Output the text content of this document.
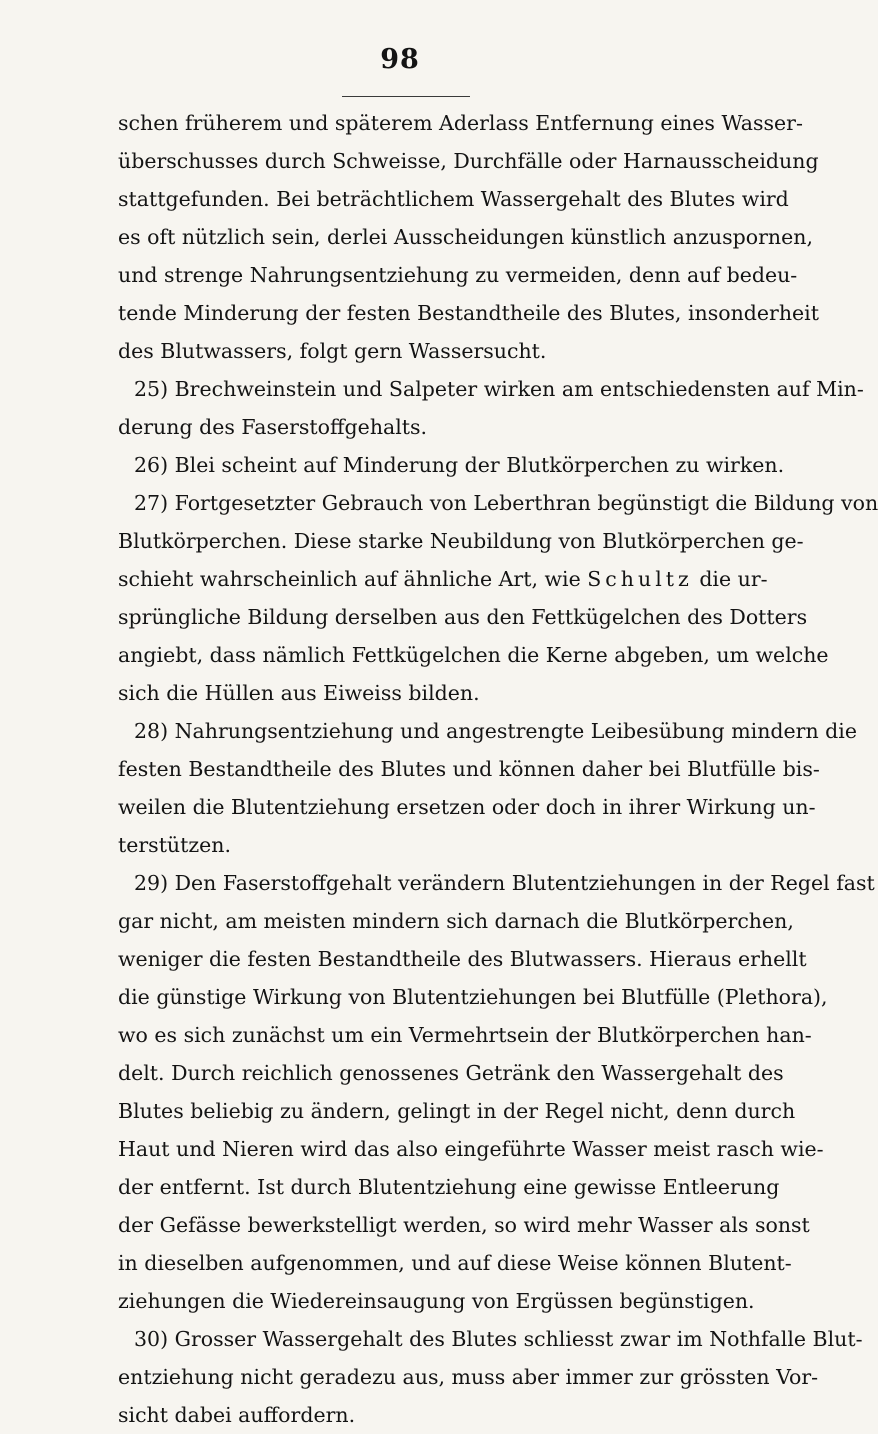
98
schen früherem und späterem Aderlass Entfernung eines Wasser-
überschusses durch Schweisse, Durchfälle oder Harnausscheidung
stattgefunden. Bei beträchtlichem Wassergehalt des Blutes wird
es oft nützlich sein, derlei Ausscheidungen künstlich anzuspornen,
und strenge Nahrungsentziehung zu vermeiden, denn auf bedeu-
tende Minderung der festen Bestandtheile des Blutes, insonderheit
des Blutwassers, folgt gern Wassersucht.
25) Brechweinstein und Salpeter wirken am entschiedensten auf Min-
derung des Faserstoffgehalts.
26) Blei scheint auf Minderung der Blutkörperchen zu wirken.
27) Fortgesetzter Gebrauch von Leberthran begünstigt die Bildung von
Blutkörperchen. Diese starke Neubildung von Blutkörperchen ge-
schieht wahrscheinlich auf ähnliche Art, wie Schultz die ur-
sprüngliche Bildung derselben aus den Fettkügelchen des Dotters
angiebt, dass nämlich Fettkügelchen die Kerne abgeben, um welche
sich die Hüllen aus Eiweiss bilden.
28) Nahrungsentziehung und angestrengte Leibesübung mindern die
festen Bestandtheile des Blutes und können daher bei Blutfülle bis-
weilen die Blutentziehung ersetzen oder doch in ihrer Wirkung un-
terstützen.
29) Den Faserstoffgehalt verändern Blutentziehungen in der Regel fast
gar nicht, am meisten mindern sich darnach die Blutkörperchen,
weniger die festen Bestandtheile des Blutwassers. Hieraus erhellt
die günstige Wirkung von Blutentziehungen bei Blutfülle (Plethora),
wo es sich zunächst um ein Vermehrtsein der Blutkörperchen han-
delt. Durch reichlich genossenes Getränk den Wassergehalt des
Blutes beliebig zu ändern, gelingt in der Regel nicht, denn durch
Haut und Nieren wird das also eingeführte Wasser meist rasch wie-
der entfernt. Ist durch Blutentziehung eine gewisse Entleerung
der Gefässe bewerkstelligt werden, so wird mehr Wasser als sonst
in dieselben aufgenommen, und auf diese Weise können Blutent-
ziehungen die Wiedereinsaugung von Ergüssen begünstigen.
30) Grosser Wassergehalt des Blutes schliesst zwar im Nothfalle Blut-
entziehung nicht geradezu aus, muss aber immer zur grössten Vor-
sicht dabei auffordern.
